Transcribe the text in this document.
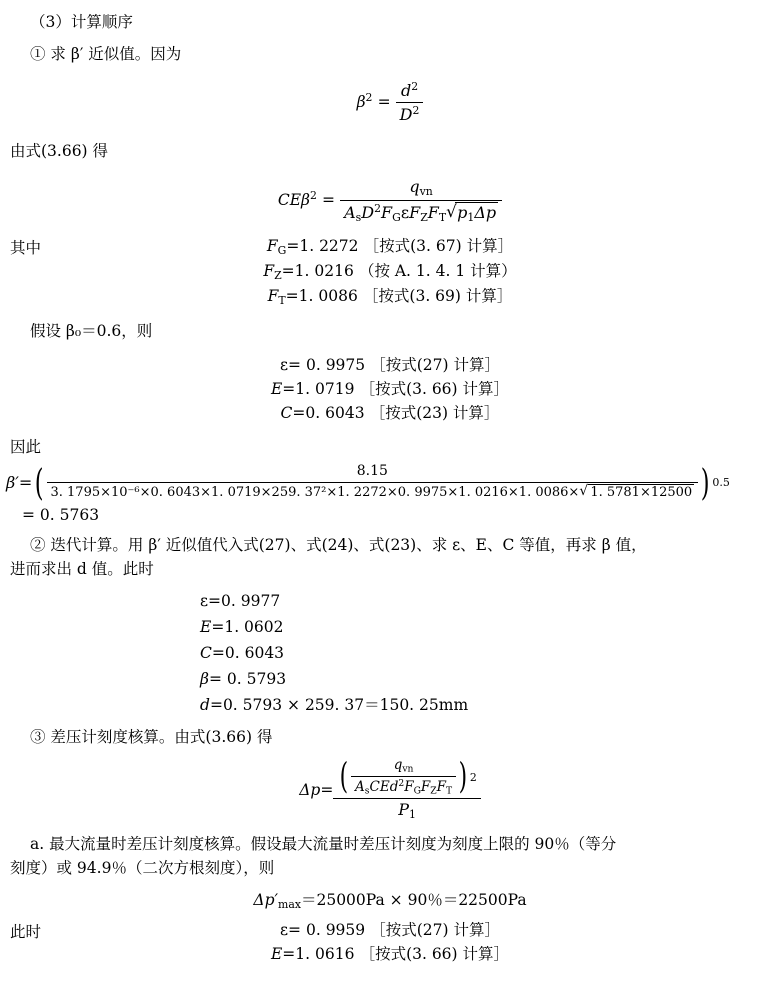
（3）计算顺序
① 求 β′ 近似值。因为
$\beta^2 = \frac{d^2}{D^2}$
由式(3.66) 得
$CE\beta^2 = \frac{q_{vn}}{A_sD^2F_G\varepsilon F_ZF_T √ p_1\Delta p}$
其中	$F_G=1$. 2272 ［按式(3. 67) 计算］
$F_Z=1$. 0216 （按 A. 1. 4. 1 计算）
$F_T=1$. 0086 ［按式(3. 69) 计算］
假设 β₀＝0.6，则
ε= 0. 9975 ［按式(27) 计算］
E=1. 0719 ［按式(3. 66) 计算］
C=0. 6043 ［按式(23) 计算］
因此
β′ = (	8.15
3. 1795×10⁻⁶×0. 6043×1. 0719×259. 37²×1. 2272×0. 9975×1. 0216×1. 0086× √ 1. 5781×12500 ) 0.5
= 0. 5763
② 迭代计算。用 β′ 近似值代入式(27)、式(24)、式(23)、求 ε、E、C 等值，再求 β 值，
进而求出 d 值。此时
ε=0. 9977
E=1. 0602
C=0. 6043
β= 0. 5793
d=0. 5793 × 259. 37＝150. 25mm
③ 差压计刻度核算。由式(3.66) 得
Δp = ( $\frac{q_{vn}}{A_sCEd^2F_GF_ZF_T}$ ) 2
$P_1$
a. 最大流量时差压计刻度核算。假设最大流量时差压计刻度为刻度上限的 90％（等分
刻度）或 94.9％（二次方根刻度），则
$\Delta p'_{max}=25000Pa \times 90$％＝22500Pa
此时	ε= 0. 9959 ［按式(27) 计算］
E=1. 0616 ［按式(3. 66) 计算］
